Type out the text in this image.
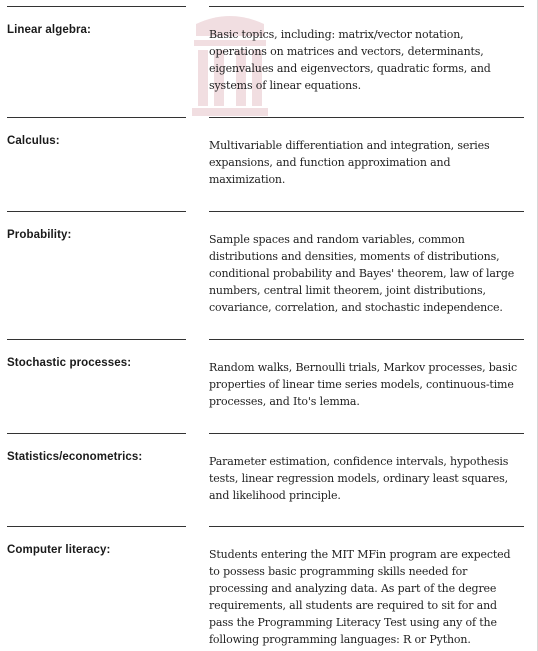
Linear algebra:	Basic topics, including: matrix/vector notation, operations on matrices and vectors, determinants, eigenvalues and eigenvectors, quadratic forms, and systems of linear equations.
Calculus:	Multivariable differentiation and integration, series expansions, and function approximation and maximization.
Probability:	Sample spaces and random variables, common distributions and densities, moments of distributions, conditional probability and Bayes' theorem, law of large numbers, central limit theorem, joint distributions, covariance, correlation, and stochastic independence.
Stochastic processes:	Random walks, Bernoulli trials, Markov processes, basic properties of linear time series models, continuous-time processes, and Ito's lemma.
Statistics/econometrics:	Parameter estimation, confidence intervals, hypothesis tests, linear regression models, ordinary least squares, and likelihood principle.
Computer literacy:	Students entering the MIT MFin program are expected to possess basic programming skills needed for processing and analyzing data. As part of the degree requirements, all students are required to sit for and pass the Programming Literacy Test using any of the following programming languages: R or Python.
